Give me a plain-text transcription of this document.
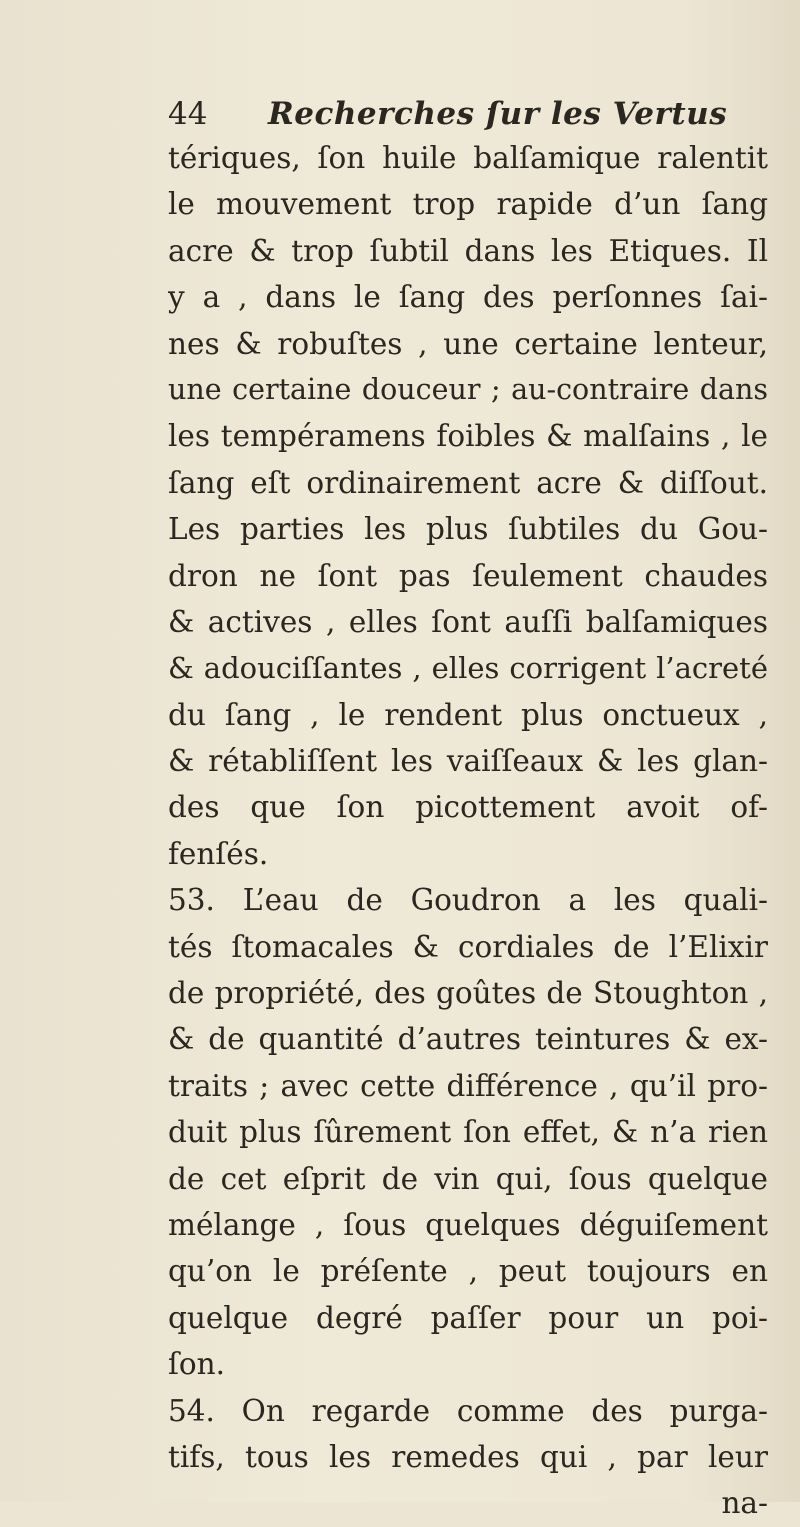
44 Recherches ſur les Vertus
tériques, ſon huile balſamique ralentit
le mouvement trop rapide d’un ſang
acre & trop ſubtil dans les Etiques. Il
y a , dans le ſang des perſonnes ſai-
nes & robuſtes , une certaine lenteur,
une certaine douceur ; au-contraire dans
les tempéramens foibles & malſains , le
ſang eſt ordinairement acre & diſſout.
Les parties les plus ſubtiles du Gou-
dron ne ſont pas ſeulement chaudes
& actives , elles ſont auſſi balſamiques
& adouciſſantes , elles corrigent l’acreté
du ſang , le rendent plus onctueux ,
& rétabliſſent les vaiſſeaux & les glan-
des que ſon picottement avoit of-
fenſés.
53. L’eau de Goudron a les quali-
tés ſtomacales & cordiales de l’Elixir
de propriété, des goûtes de Stoughton ,
& de quantité d’autres teintures & ex-
traits ; avec cette différence , qu’il pro-
duit plus ſûrement ſon effet, & n’a rien
de cet eſprit de vin qui, ſous quelque
mélange , ſous quelques déguiſement
qu’on le préſente , peut toujours en
quelque degré paſſer pour un poi-
ſon.
54. On regarde comme des purga-
tifs, tous les remedes qui , par leur
na-
